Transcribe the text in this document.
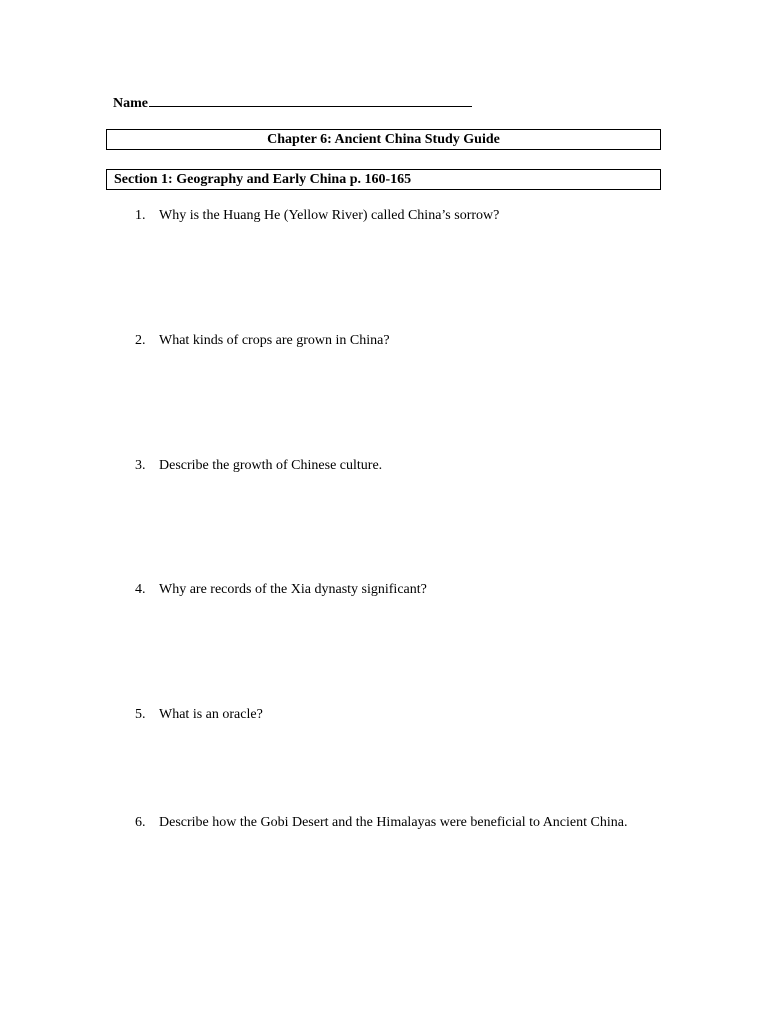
Name
Chapter 6: Ancient China Study Guide
Section 1: Geography and Early China p. 160-165
1. Why is the Huang He (Yellow River) called China’s sorrow?
2. What kinds of crops are grown in China?
3. Describe the growth of Chinese culture.
4. Why are records of the Xia dynasty significant?
5. What is an oracle?
6. Describe how the Gobi Desert and the Himalayas were beneficial to Ancient China.
